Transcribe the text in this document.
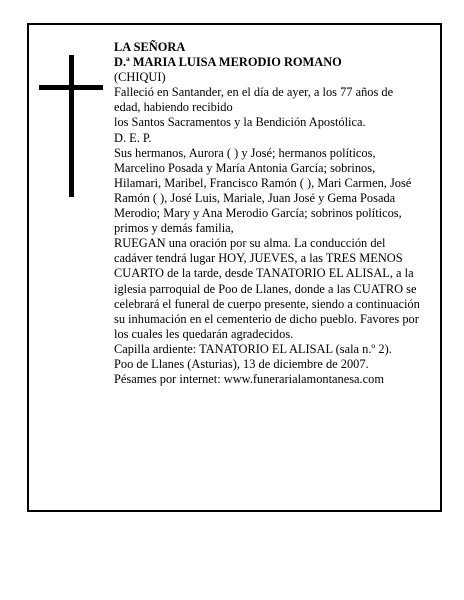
LA SEÑORA

D.ª MARIA LUISA MERODIO ROMANO

(CHIQUI)

Falleció en Santander, en el día de ayer, a los 77 años de edad, habiendo recibido

los Santos Sacramentos y la Bendición Apostólica.

D. E. P.

Sus hermanos, Aurora ( ) y José; hermanos políticos, Marcelino Posada y María Antonia García; sobrinos, Hilamari, Maribel, Francisco Ramón ( ), Mari Carmen, José Ramón ( ), José Luis, Mariale, Juan José y Gema Posada Merodio; Mary y Ana Merodio García; sobrinos políticos, primos y demás familia,

RUEGAN una oración por su alma. La conducción del cadáver tendrá lugar HOY, JUEVES, a las TRES MENOS CUARTO de la tarde, desde TANATORIO EL ALISAL, a la iglesia parroquial de Poo de Llanes, donde a las CUATRO se celebrará el funeral de cuerpo presente, siendo a continuación su inhumación en el cementerio de dicho pueblo. Favores por los cuales les quedarán agradecidos.

Capilla ardiente: TANATORIO EL ALISAL (sala n.º 2).

Poo de Llanes (Asturias), 13 de diciembre de 2007.

Pésames por internet: www.funerarialamontanesa.com
